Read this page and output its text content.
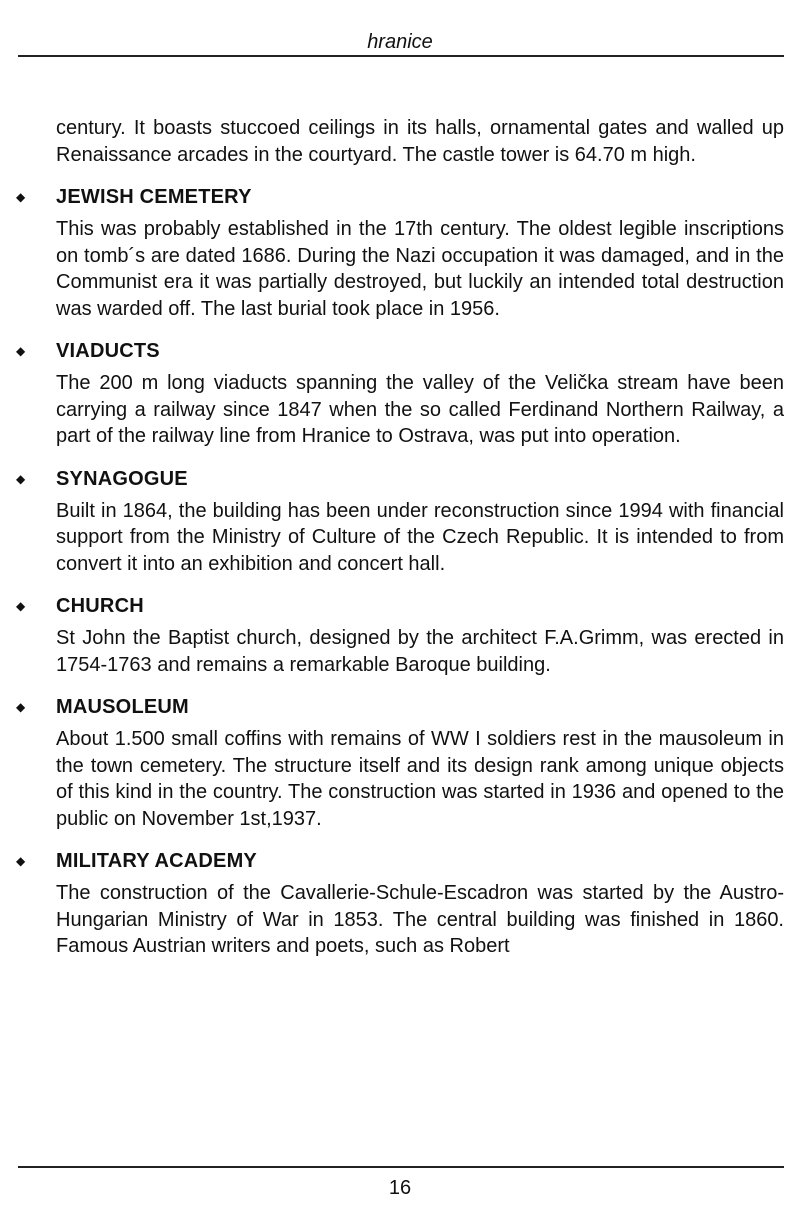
hranice

century. It boasts stuccoed ceilings in its halls, ornamental gates and walled up Renaissance arcades in the courtyard. The castle tower is 64.70 m high.

◆ JEWISH CEMETERY

This was probably established in the 17th century. The oldest legible inscriptions on tomb´s are dated 1686. During the Nazi occupation it was damaged, and in the Communist era it was partially destroyed, but luckily an intended total destruction was warded off. The last burial took place in 1956.

◆ VIADUCTS

The 200 m long viaducts spanning the valley of the Velička stream have been carrying a railway since 1847 when the so called Ferdinand Northern Railway, a part of the railway line from Hranice to Ostrava, was put into operation.

◆ SYNAGOGUE

Built in 1864, the building has been under reconstruction since 1994 with financial support from the Ministry of Culture of the Czech Republic. It is intended to from convert it into an exhibition and concert hall.

◆ CHURCH

St John the Baptist church, designed by the architect F.A.Grimm, was erected in 1754-1763 and remains a remarkable Baroque building.

◆ MAUSOLEUM

About 1.500 small coffins with remains of WW I soldiers rest in the mausoleum in the town cemetery. The structure itself and its design rank among unique objects of this kind in the country. The construction was started in 1936 and opened to the public on November 1st,1937.

◆ MILITARY ACADEMY

The construction of the Cavallerie-Schule-Escadron was started by the Austro-Hungarian Ministry of War in 1853. The central building was finished in 1860. Famous Austrian writers and poets, such as Robert

16
